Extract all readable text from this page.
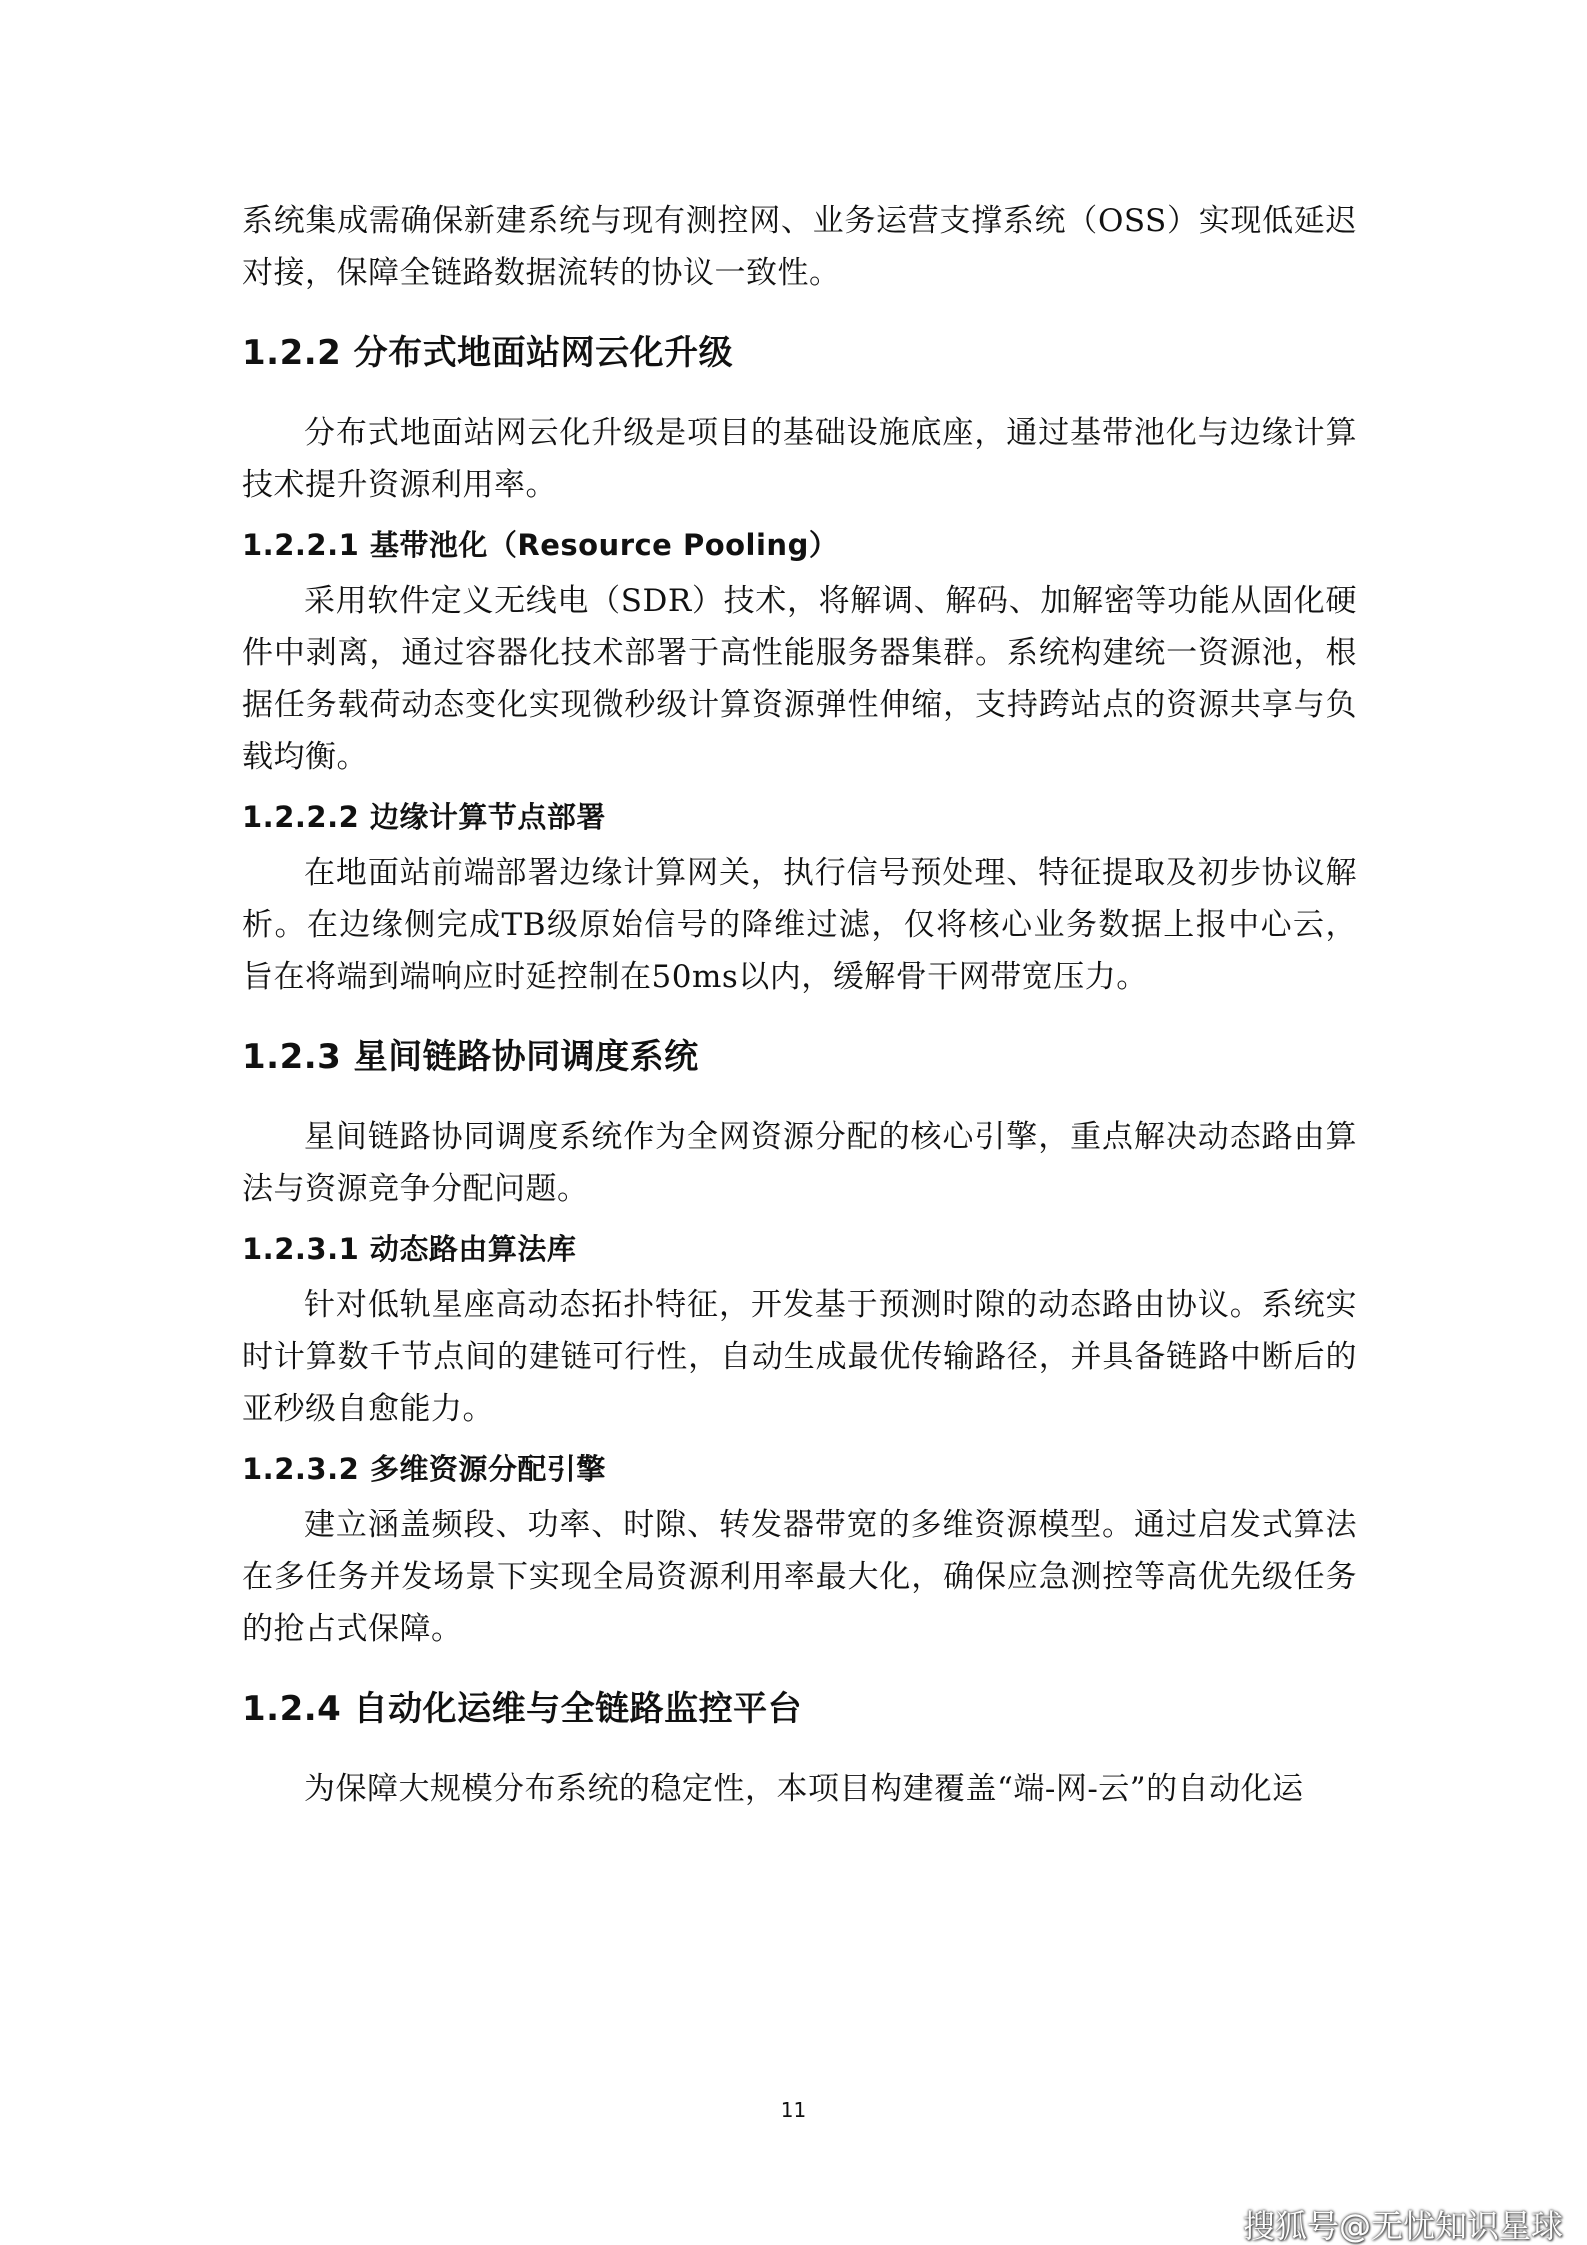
系统集成需确保新建系统与现有测控网、业务运营支撑系统（OSS）实现低延迟对接，保障全链路数据流转的协议一致性。

1.2.2 分布式地面站网云化升级

分布式地面站网云化升级是项目的基础设施底座，通过基带池化与边缘计算技术提升资源利用率。

1.2.2.1 基带池化（Resource Pooling）

采用软件定义无线电（SDR）技术，将解调、解码、加解密等功能从固化硬件中剥离，通过容器化技术部署于高性能服务器集群。系统构建统一资源池，根据任务载荷动态变化实现微秒级计算资源弹性伸缩，支持跨站点的资源共享与负载均衡。

1.2.2.2 边缘计算节点部署

在地面站前端部署边缘计算网关，执行信号预处理、特征提取及初步协议解析。在边缘侧完成TB级原始信号的降维过滤，仅将核心业务数据上报中心云，旨在将端到端响应时延控制在50ms以内，缓解骨干网带宽压力。

1.2.3 星间链路协同调度系统

星间链路协同调度系统作为全网资源分配的核心引擎，重点解决动态路由算法与资源竞争分配问题。

1.2.3.1 动态路由算法库

针对低轨星座高动态拓扑特征，开发基于预测时隙的动态路由协议。系统实时计算数千节点间的建链可行性，自动生成最优传输路径，并具备链路中断后的亚秒级自愈能力。

1.2.3.2 多维资源分配引擎

建立涵盖频段、功率、时隙、转发器带宽的多维资源模型。通过启发式算法在多任务并发场景下实现全局资源利用率最大化，确保应急测控等高优先级任务的抢占式保障。

1.2.4 自动化运维与全链路监控平台

为保障大规模分布系统的稳定性，本项目构建覆盖“端-网-云”的自动化运

11
搜狐号@无忧知识星球
